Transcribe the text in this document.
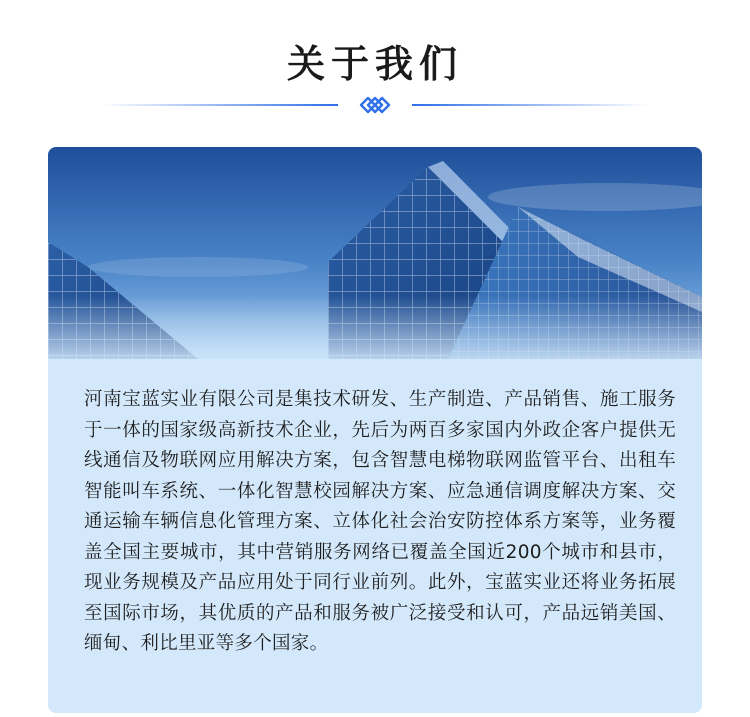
关于我们
河南宝蓝实业有限公司是集技术研发、生产制造、产品销售、施工服务于一体的国家级高新技术企业，先后为两百多家国内外政企客户提供无线通信及物联网应用解决方案，包含智慧电梯物联网监管平台、出租车智能叫车系统、一体化智慧校园解决方案、应急通信调度解决方案、交通运输车辆信息化管理方案、立体化社会治安防控体系方案等，业务覆盖全国主要城市，其中营销服务网络已覆盖全国近200个城市和县市，现业务规模及产品应用处于同行业前列。此外，宝蓝实业还将业务拓展至国际市场，其优质的产品和服务被广泛接受和认可，产品远销美国、缅甸、利比里亚等多个国家。
